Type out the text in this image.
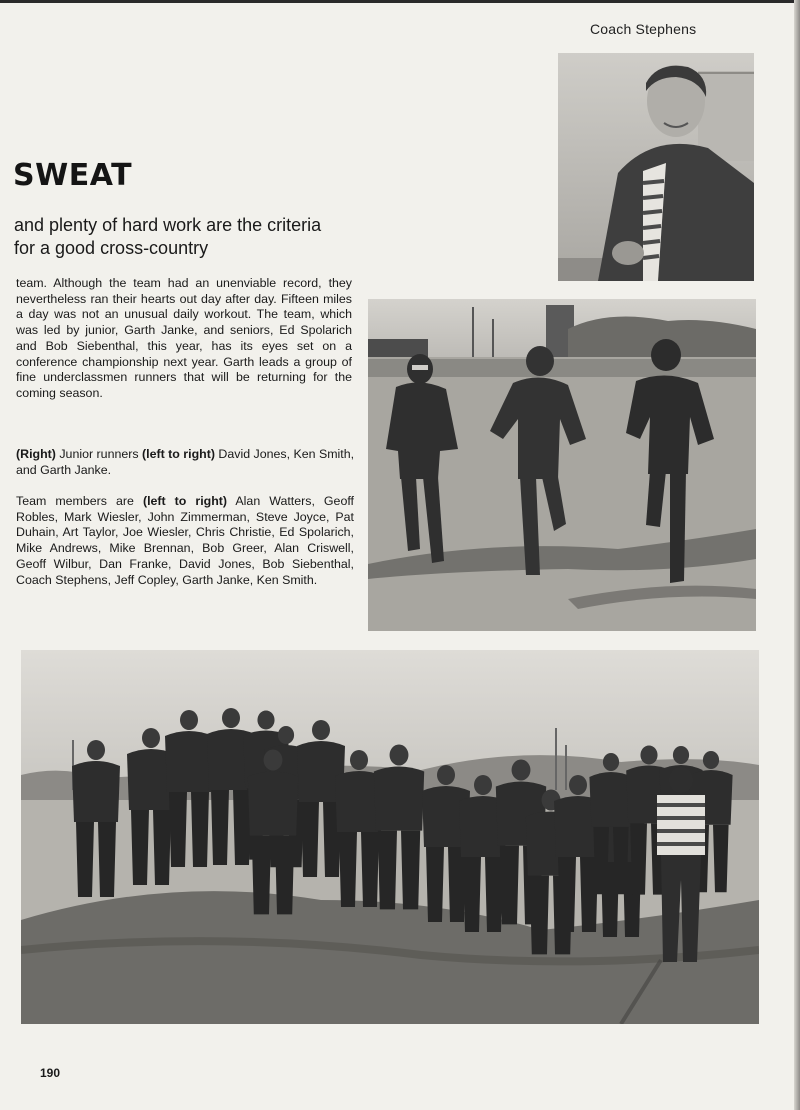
Coach Stephens
SWEAT
and plenty of hard work are the criteria for a good cross-country
team. Although the team had an unenviable record, they nevertheless ran their hearts out day after day. Fifteen miles a day was not an unusual daily workout. The team, which was led by junior, Garth Janke, and seniors, Ed Spolarich and Bob Siebenthal, this year, has its eyes set on a conference championship next year. Garth leads a group of fine underclassmen runners that will be returning for the coming season.
(Right) Junior runners (left to right) David Jones, Ken Smith, and Garth Janke.
Team members are (left to right) Alan Watters, Geoff Robles, Mark Wiesler, John Zimmerman, Steve Joyce, Pat Duhain, Art Taylor, Joe Wiesler, Chris Christie, Ed Spolarich, Mike Andrews, Mike Brennan, Bob Greer, Alan Criswell, Geoff Wilbur, Dan Franke, David Jones, Bob Siebenthal, Coach Stephens, Jeff Copley, Garth Janke, Ken Smith.
190
